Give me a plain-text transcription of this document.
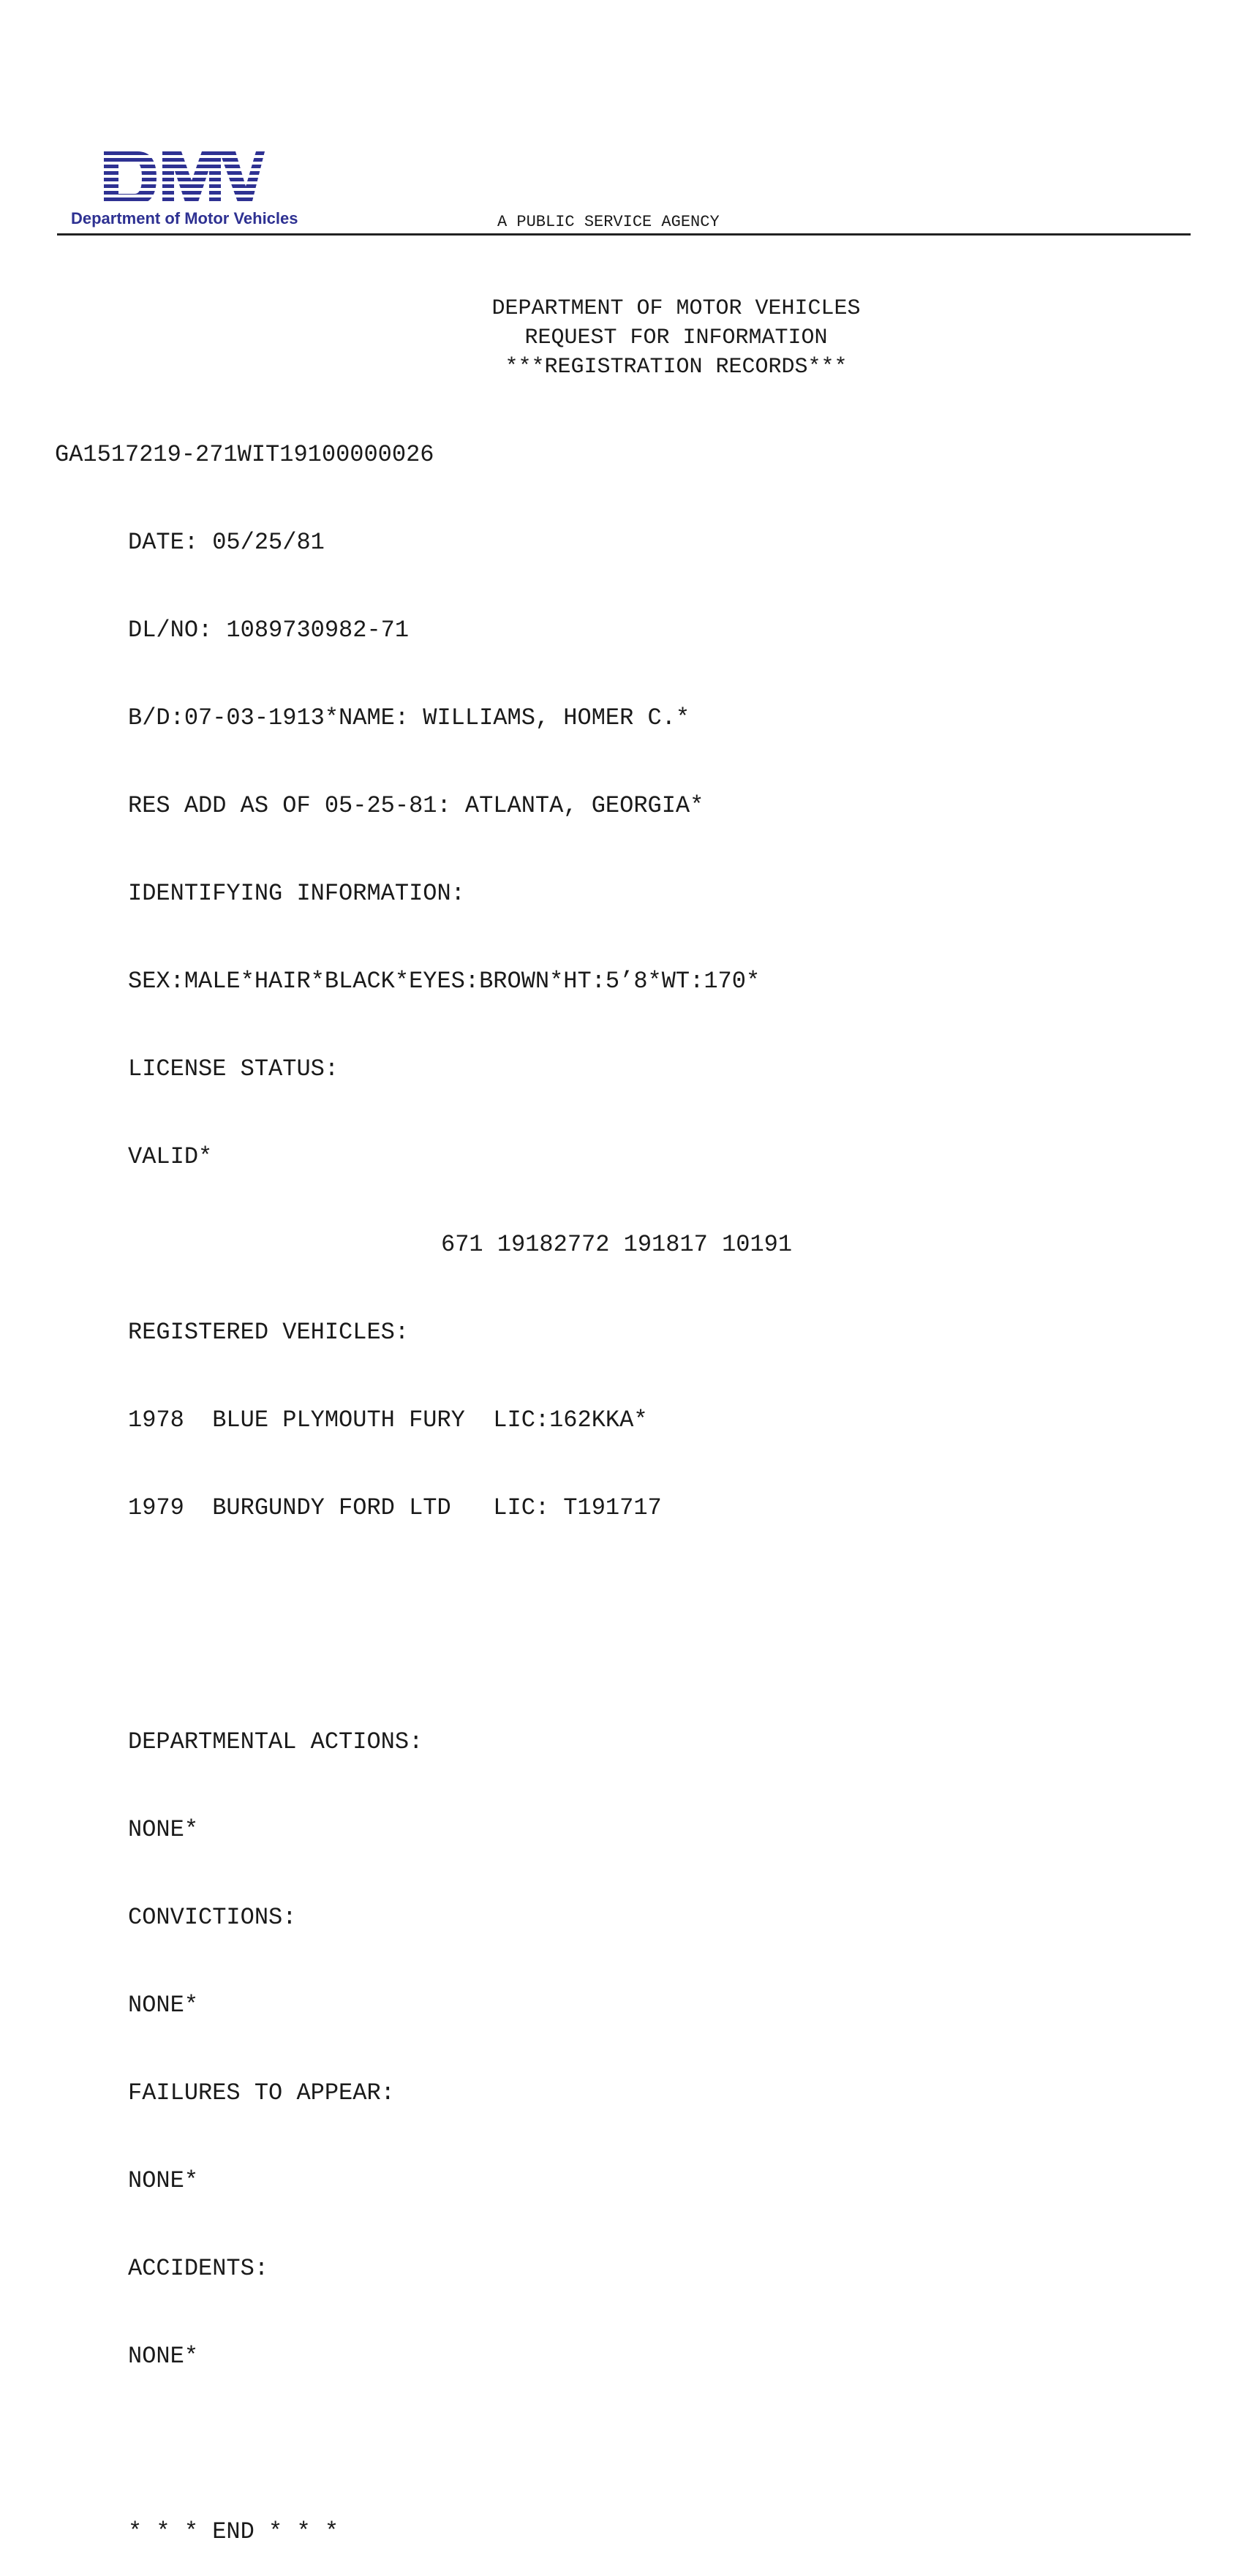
Department of Motor Vehicles	A PUBLIC SERVICE AGENCY
DEPARTMENT OF MOTOR VEHICLES
REQUEST FOR INFORMATION
***REGISTRATION RECORDS***
GA1517219-271WIT19100000026

DATE: 05/25/81

DL/NO: 1089730982-71

B/D:07-03-1913*NAME: WILLIAMS, HOMER C.*

RES ADD AS OF 05-25-81: ATLANTA, GEORGIA*

IDENTIFYING INFORMATION:

SEX:MALE*HAIR*BLACK*EYES:BROWN*HT:5’8*WT:170*

LICENSE STATUS:

VALID*

REGISTERED VEHICLES:

1978  BLUE PLYMOUTH FURY  LIC:162KKA*

1979  BURGUNDY FORD LTD   LIC: T191717

DEPARTMENTAL ACTIONS:

NONE*

CONVICTIONS:

NONE*

FAILURES TO APPEAR:

NONE*

ACCIDENTS:

NONE*

* * * END * * *

671 19182772 191817 10191
